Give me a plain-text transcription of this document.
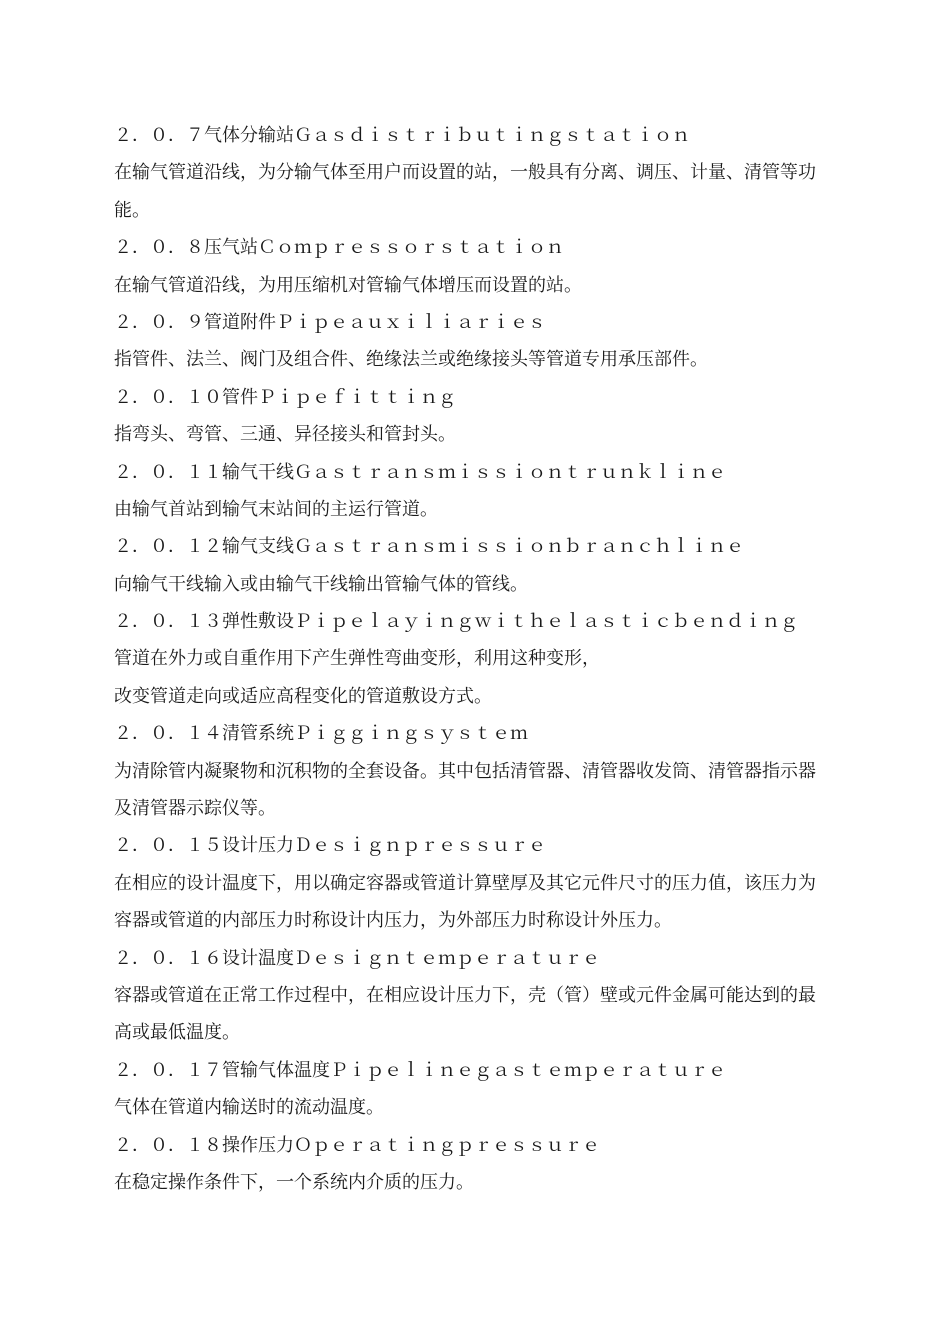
２．０．７气体分输站Ｇａｓｄｉｓｔｒｉｂｕｔｉｎｇｓｔａｔｉｏｎ
在输气管道沿线，为分输气体至用户而设置的站，一般具有分离、调压、计量、清管等功
能。
２．０．８压气站Ｃｏｍｐｒｅｓｓｏｒｓｔａｔｉｏｎ
在输气管道沿线，为用压缩机对管输气体增压而设置的站。
２．０．９管道附件Ｐｉｐｅａｕｘｉｌｉａｒｉｅｓ
指管件、法兰、阀门及组合件、绝缘法兰或绝缘接头等管道专用承压部件。
２．０．１０管件Ｐｉｐｅｆｉｔｔｉｎｇ
指弯头、弯管、三通、异径接头和管封头。
２．０．１１输气干线Ｇａｓｔｒａｎｓｍｉｓｓｉｏｎｔｒｕｎｋｌｉｎｅ
由输气首站到输气末站间的主运行管道。
２．０．１２输气支线Ｇａｓｔｒａｎｓｍｉｓｓｉｏｎｂｒａｎｃｈｌｉｎｅ
向输气干线输入或由输气干线输出管输气体的管线。
２．０．１３弹性敷设Ｐｉｐｅｌａｙｉｎｇｗｉｔｈｅｌａｓｔｉｃｂｅｎｄｉｎｇ
管道在外力或自重作用下产生弹性弯曲变形，利用这种变形，
改变管道走向或适应高程变化的管道敷设方式。
２．０．１４清管系统Ｐｉｇｇｉｎｇｓｙｓｔｅｍ
为清除管内凝聚物和沉积物的全套设备。其中包括清管器、清管器收发筒、清管器指示器
及清管器示踪仪等。
２．０．１５设计压力Ｄｅｓｉｇｎｐｒｅｓｓｕｒｅ
在相应的设计温度下，用以确定容器或管道计算壁厚及其它元件尺寸的压力值，该压力为
容器或管道的内部压力时称设计内压力，为外部压力时称设计外压力。
２．０．１６设计温度Ｄｅｓｉｇｎｔｅｍｐｅｒａｔｕｒｅ
容器或管道在正常工作过程中，在相应设计压力下，壳（管）壁或元件金属可能达到的最
高或最低温度。
２．０．１７管输气体温度Ｐｉｐｅｌｉｎｅｇａｓｔｅｍｐｅｒａｔｕｒｅ
气体在管道内输送时的流动温度。
２．０．１８操作压力Ｏｐｅｒａｔｉｎｇｐｒｅｓｓｕｒｅ
在稳定操作条件下，一个系统内介质的压力。
